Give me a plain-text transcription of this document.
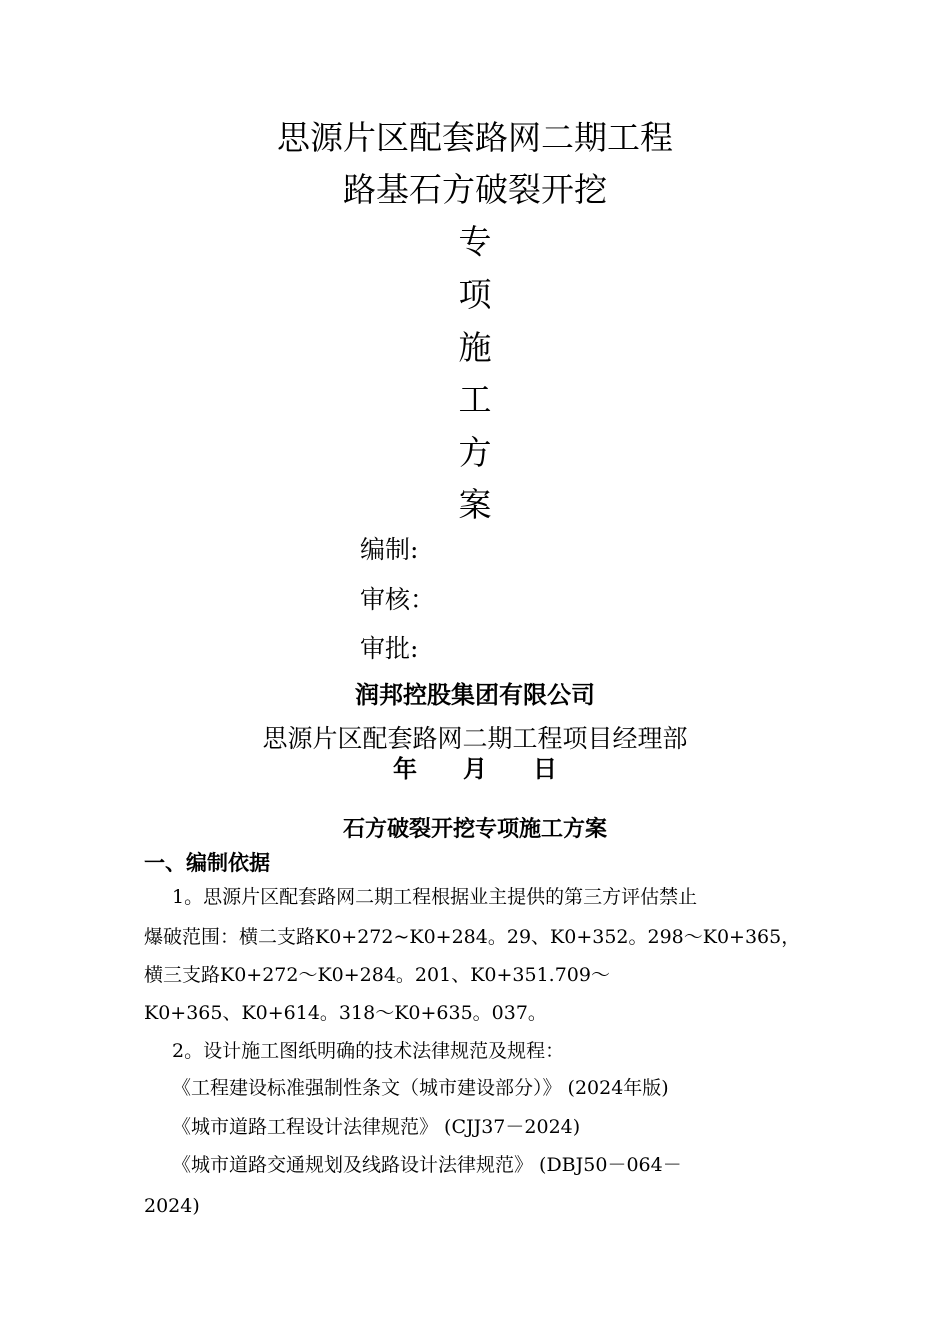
思源片区配套路网二期工程
路基石方破裂开挖
专
项
施
工
方
案
编制:
审核：
审批:
润邦控股集团有限公司
思源片区配套路网二期工程项目经理部
年 月 日
石方破裂开挖专项施工方案
一、编制依据
1。思源片区配套路网二期工程根据业主提供的第三方评估禁止
爆破范围：横二支路K0+272~K0+284。29、K0+352。298～K0+365，
横三支路K0+272～K0+284。201、K0+351.709～
K0+365、K0+614。318～K0+635。037。
2。设计施工图纸明确的技术法律规范及规程：
《工程建设标准强制性条文（城市建设部分）》 (2024年版)
《城市道路工程设计法律规范》 (CJJ37－2024)
《城市道路交通规划及线路设计法律规范》 (DBJ50－064－
2024)
